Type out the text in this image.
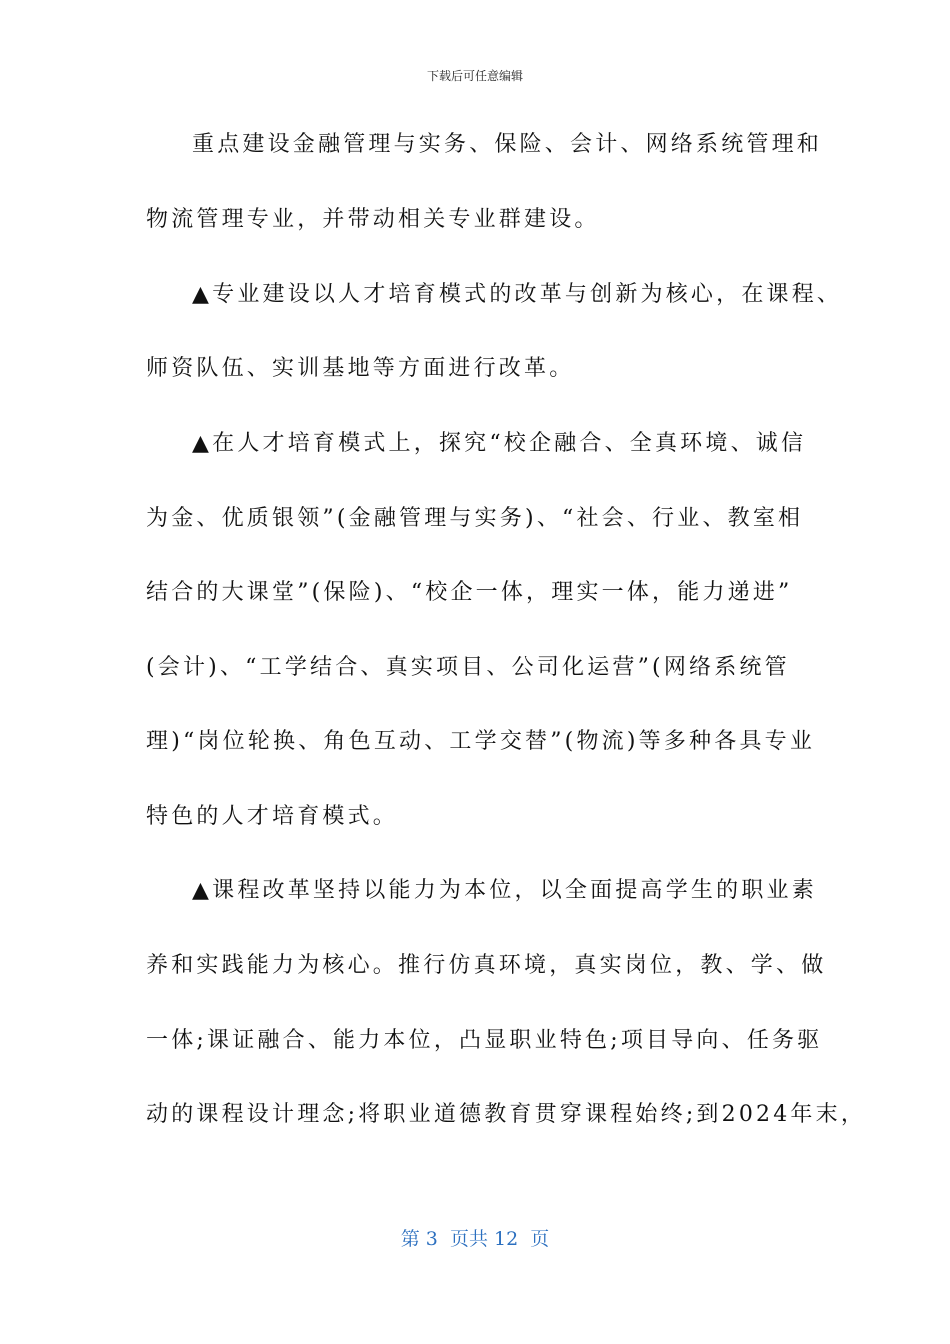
下载后可任意编辑
重点建设金融管理与实务、保险、会计、网络系统管理和
物流管理专业，并带动相关专业群建设。
▲专业建设以人才培育模式的改革与创新为核心，在课程、
师资队伍、实训基地等方面进行改革。
▲在人才培育模式上，探究“校企融合、全真环境、诚信
为金、优质银领”(金融管理与实务)、“社会、行业、教室相
结合的大课堂”(保险)、“校企一体，理实一体，能力递进”
(会计)、“工学结合、真实项目、公司化运营”(网络系统管
理)“岗位轮换、角色互动、工学交替”(物流)等多种各具专业
特色的人才培育模式。
▲课程改革坚持以能力为本位，以全面提高学生的职业素
养和实践能力为核心。推行仿真环境，真实岗位，教、学、做
一体;课证融合、能力本位，凸显职业特色;项目导向、任务驱
动的课程设计理念;将职业道德教育贯穿课程始终;到2024年末，
第 3  页共 12  页
